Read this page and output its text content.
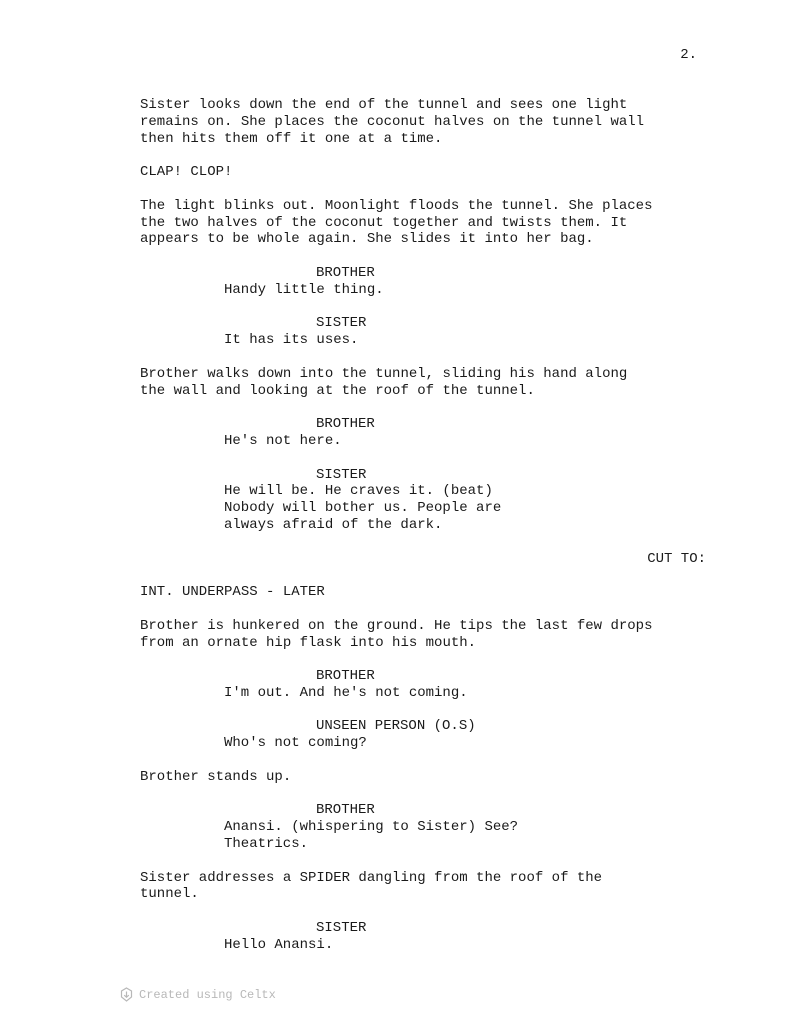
2.

Sister looks down the end of the tunnel and sees one light

remains on. She places the coconut halves on the tunnel wall

then hits them off it one at a time.

CLAP! CLOP!

The light blinks out. Moonlight floods the tunnel. She places

the two halves of the coconut together and twists them. It

appears to be whole again. She slides it into her bag.

BROTHER

Handy little thing.

SISTER

It has its uses.

Brother walks down into the tunnel, sliding his hand along

the wall and looking at the roof of the tunnel.

BROTHER

He's not here.

SISTER

He will be. He craves it. (beat)

Nobody will bother us. People are

always afraid of the dark.

CUT TO:

INT. UNDERPASS - LATER

Brother is hunkered on the ground. He tips the last few drops

from an ornate hip flask into his mouth.

BROTHER

I'm out. And he's not coming.

UNSEEN PERSON (O.S)

Who's not coming?

Brother stands up.

BROTHER

Anansi. (whispering to Sister) See?

Theatrics.

Sister addresses a SPIDER dangling from the roof of the

tunnel.

SISTER

Hello Anansi.

Created using Celtx
